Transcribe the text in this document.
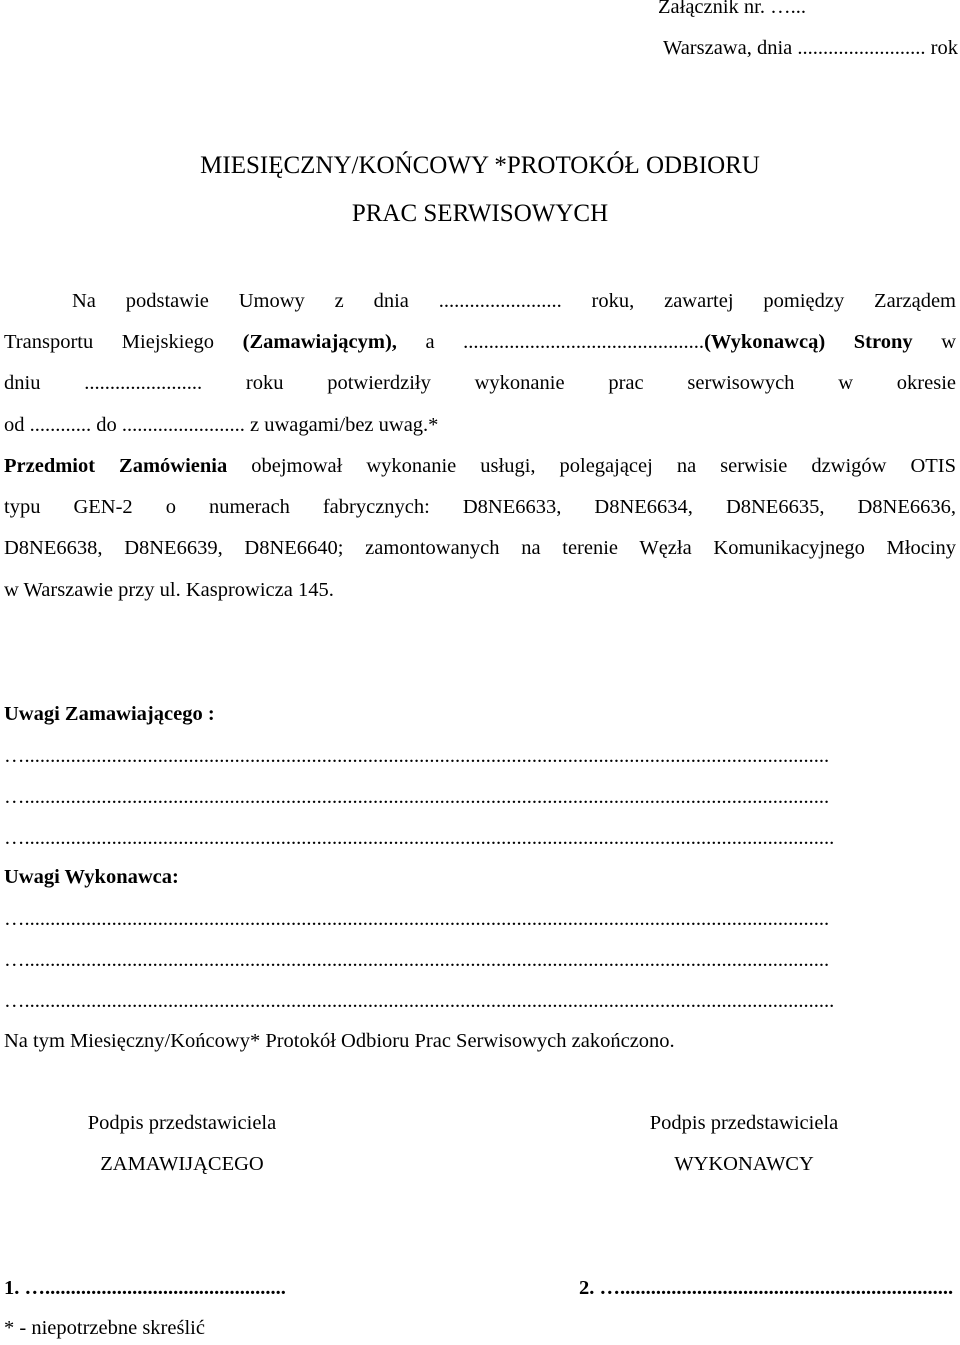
Załącznik nr. …...
Warszawa, dnia ......................... rok
MIESIĘCZNY/KOŃCOWY *PROTOKÓŁ ODBIORU
PRAC SERWISOWYCH
Na podstawie Umowy z dnia ........................ roku, zawartej pomiędzy Zarządem
Transportu Miejskiego (Zamawiającym), a ...............................................(Wykonawcą) Strony w
dniu ....................... roku potwierdziły wykonanie prac serwisowych w okresie
od ............ do ........................ z uwagami/bez uwag.*
Przedmiot Zamówienia obejmował wykonanie usługi, polegającej na serwisie dzwigów OTIS
typu GEN-2 o numerach fabrycznych: D8NE6633, D8NE6634, D8NE6635, D8NE6636,
D8NE6638, D8NE6639, D8NE6640; zamontowanych na terenie Węzła Komunikacyjnego Młociny
w Warszawie przy ul. Kasprowicza 145.
Uwagi Zamawiającego :
….............................................................................................................................................................
….............................................................................................................................................................
…..............................................................................................................................................................
Uwagi Wykonawca:
….............................................................................................................................................................
….............................................................................................................................................................
…..............................................................................................................................................................
Na tym Miesięczny/Końcowy* Protokół Odbioru Prac Serwisowych zakończono.
Podpis przedstawiciela
ZAMAWIJĄCEGO
Podpis przedstawiciela
WYKONAWCY
1. …...............................................	2. ….................................................................
* - niepotrzebne skreślić
